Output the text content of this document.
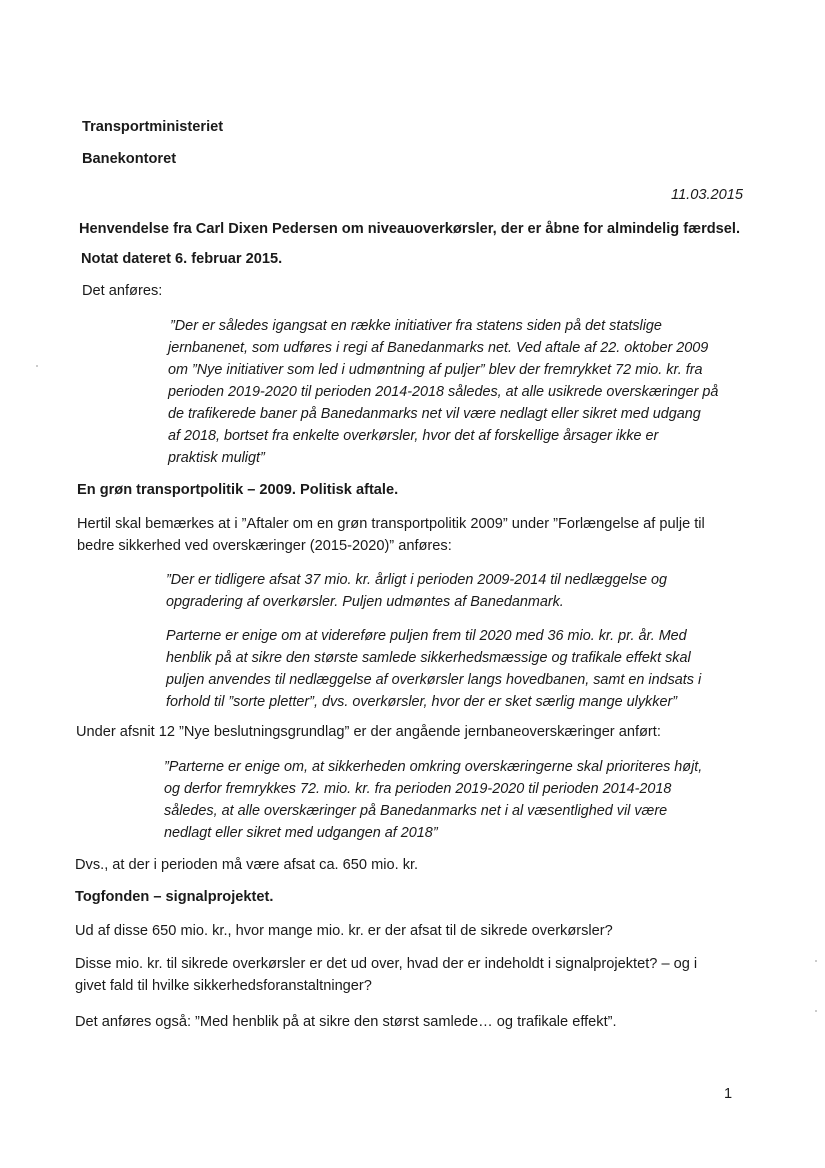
Transportministeriet
Banekontoret
11.03.2015
Henvendelse fra Carl Dixen Pedersen om niveauoverkørsler, der er åbne for almindelig færdsel.
Notat dateret 6. februar 2015.
Det anføres:
”Der er således igangsat en række initiativer fra statens siden på det statslige
jernbanenet, som udføres i regi af Banedanmarks net. Ved aftale af 22. oktober 2009
om ”Nye initiativer som led i udmøntning af puljer” blev der fremrykket 72 mio. kr. fra
perioden 2019-2020 til perioden 2014-2018 således, at alle usikrede overskæringer på
de trafikerede baner på Banedanmarks net vil være nedlagt eller sikret med udgang
af 2018, bortset fra enkelte overkørsler, hvor det af forskellige årsager ikke er
praktisk muligt”
En grøn transportpolitik – 2009. Politisk aftale.
Hertil skal bemærkes at i ”Aftaler om en grøn transportpolitik 2009” under ”Forlængelse af pulje til
bedre sikkerhed ved overskæringer (2015-2020)” anføres:
”Der er tidligere afsat 37 mio. kr. årligt i perioden 2009-2014 til nedlæggelse og
opgradering af overkørsler. Puljen udmøntes af Banedanmark.
Parterne er enige om at videreføre puljen frem til 2020 med 36 mio. kr. pr. år. Med
henblik på at sikre den største samlede sikkerhedsmæssige og trafikale effekt skal
puljen anvendes til nedlæggelse af overkørsler langs hovedbanen, samt en indsats i
forhold til ”sorte pletter”, dvs. overkørsler, hvor der er sket særlig mange ulykker”
Under afsnit 12 ”Nye beslutningsgrundlag” er der angående jernbaneoverskæringer anført:
”Parterne er enige om, at sikkerheden omkring overskæringerne skal prioriteres højt,
og derfor fremrykkes 72. mio. kr. fra perioden 2019-2020 til perioden 2014-2018
således, at alle overskæringer på Banedanmarks net i al væsentlighed vil være
nedlagt eller sikret med udgangen af 2018”
Dvs., at der i perioden må være afsat ca. 650 mio. kr.
Togfonden – signalprojektet.
Ud af disse 650 mio. kr., hvor mange mio. kr. er der afsat til de sikrede overkørsler?
Disse mio. kr. til sikrede overkørsler er det ud over, hvad der er indeholdt i signalprojektet? – og i
givet fald til hvilke sikkerhedsforanstaltninger?
Det anføres også: ”Med henblik på at sikre den størst samlede… og trafikale effekt”.
1
